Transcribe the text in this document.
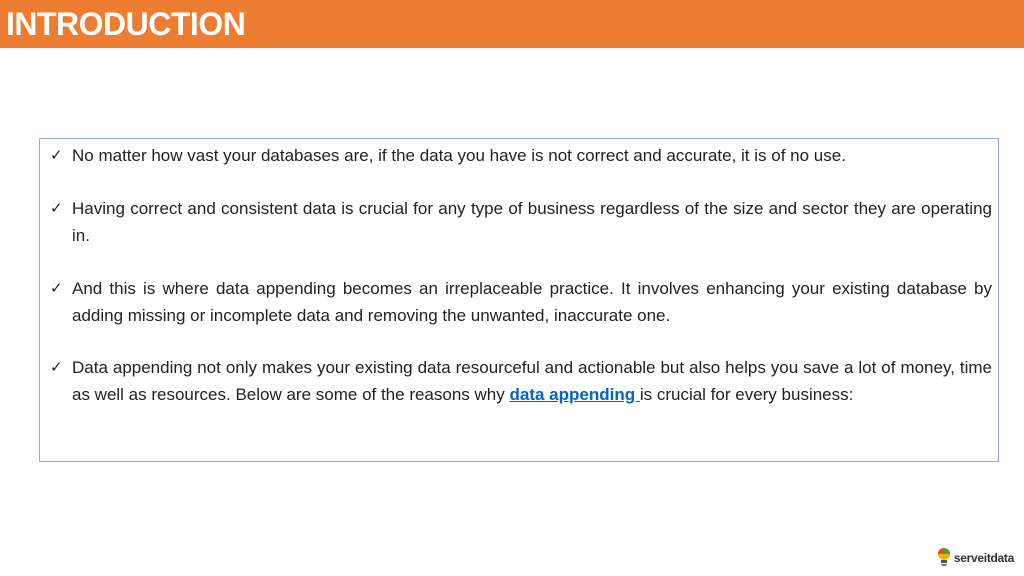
INTRODUCTION
✓ No matter how vast your databases are, if the data you have is not correct and accurate, it is of no use.
✓ Having correct and consistent data is crucial for any type of business regardless of the size and sector they are operating in.
✓ And this is where data appending becomes an irreplaceable practice. It involves enhancing your existing database by adding missing or incomplete data and removing the unwanted, inaccurate one.
✓ Data appending not only makes your existing data resourceful and actionable but also helps you save a lot of money, time as well as resources. Below are some of the reasons why data appending is crucial for every business:
serveitdata
